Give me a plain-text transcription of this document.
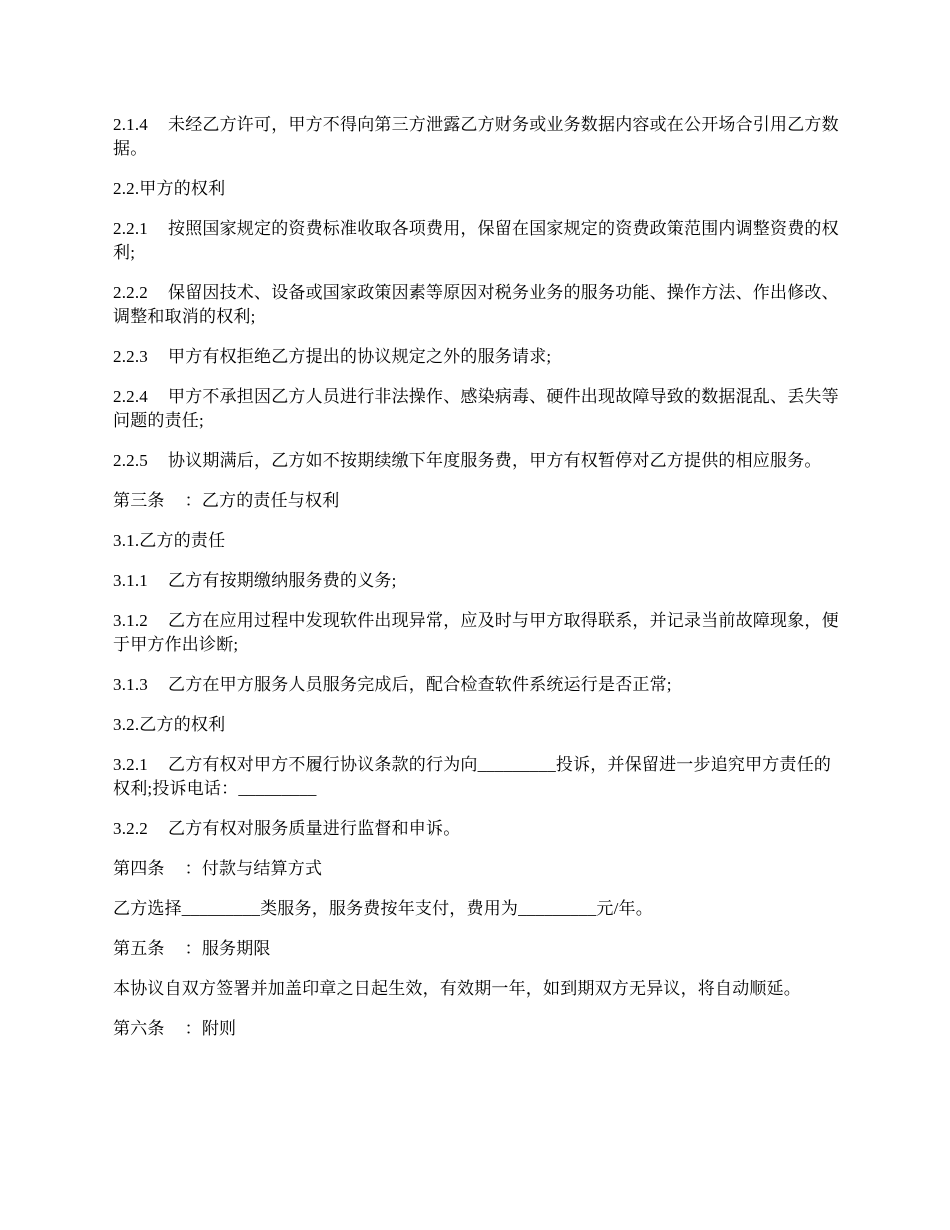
2.1.4 未经乙方许可，甲方不得向第三方泄露乙方财务或业务数据内容或在公开场合引用乙方数据。

2.2.甲方的权利

2.2.1 按照国家规定的资费标准收取各项费用，保留在国家规定的资费政策范围内调整资费的权利;

2.2.2 保留因技术、设备或国家政策因素等原因对税务业务的服务功能、操作方法、作出修改、调整和取消的权利;

2.2.3 甲方有权拒绝乙方提出的协议规定之外的服务请求;

2.2.4 甲方不承担因乙方人员进行非法操作、感染病毒、硬件出现故障导致的数据混乱、丢失等问题的责任;

2.2.5 协议期满后，乙方如不按期续缴下年度服务费，甲方有权暂停对乙方提供的相应服务。

第三条 ：乙方的责任与权利

3.1.乙方的责任

3.1.1 乙方有按期缴纳服务费的义务;

3.1.2 乙方在应用过程中发现软件出现异常，应及时与甲方取得联系，并记录当前故障现象，便于甲方作出诊断;

3.1.3 乙方在甲方服务人员服务完成后，配合检查软件系统运行是否正常;

3.2.乙方的权利

3.2.1 乙方有权对甲方不履行协议条款的行为向_________投诉，并保留进一步追究甲方责任的权利;投诉电话：_________

3.2.2 乙方有权对服务质量进行监督和申诉。

第四条 ：付款与结算方式

乙方选择_________类服务，服务费按年支付，费用为_________元/年。

第五条 ：服务期限

本协议自双方签署并加盖印章之日起生效，有效期一年，如到期双方无异议，将自动顺延。

第六条 ：附则
